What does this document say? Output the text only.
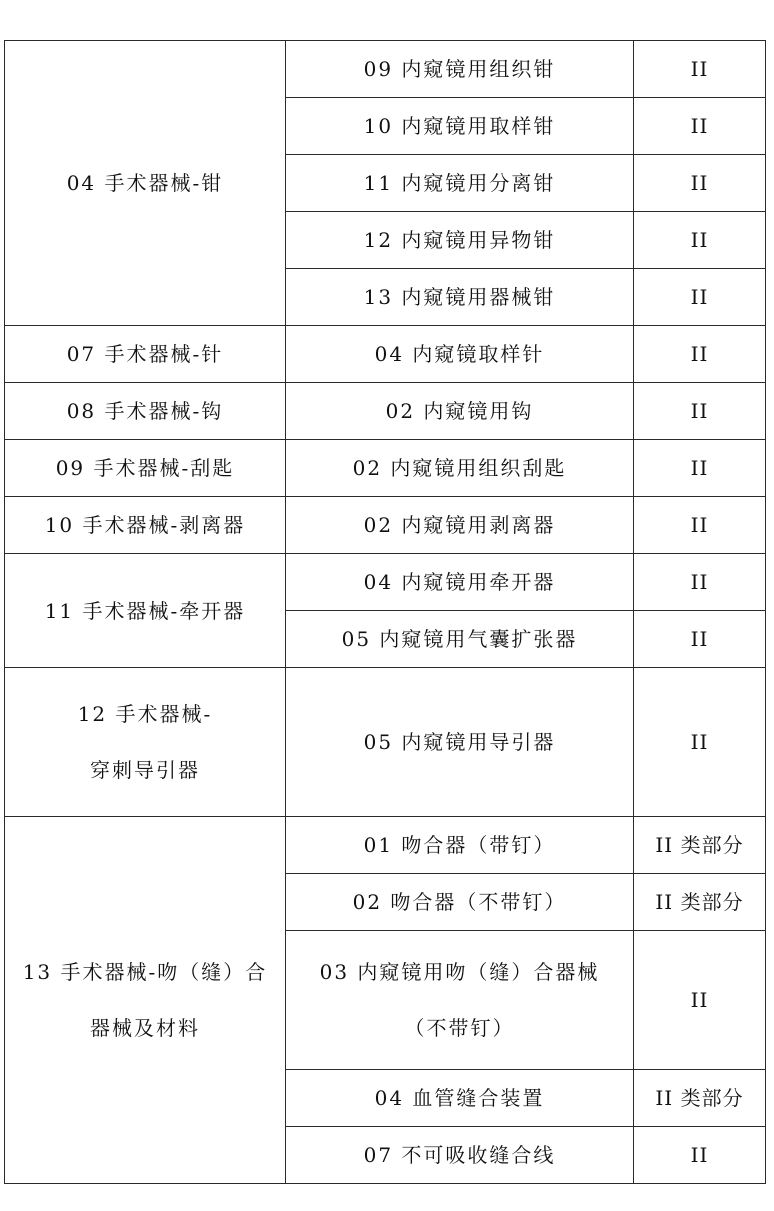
04 手术器械-钳	09 内窥镜用组织钳	II

	10 内窥镜用取样钳	II

	11 内窥镜用分离钳	II

	12 内窥镜用异物钳	II

	13 内窥镜用器械钳	II

07 手术器械-针	04 内窥镜取样针	II

08 手术器械-钩	02 内窥镜用钩	II

09 手术器械-刮匙	02 内窥镜用组织刮匙	II

10 手术器械-剥离器	02 内窥镜用剥离器	II

11 手术器械-牵开器	04 内窥镜用牵开器	II

	05 内窥镜用气囊扩张器	II

12 手术器械-
穿刺导引器	05 内窥镜用导引器	II

13 手术器械-吻（缝）合
器械及材料	01 吻合器（带钉）	II 类部分

	02 吻合器（不带钉）	II 类部分

	03 内窥镜用吻（缝）合器械
（不带钉）	II

	04 血管缝合装置	II 类部分

	07 不可吸收缝合线	II
